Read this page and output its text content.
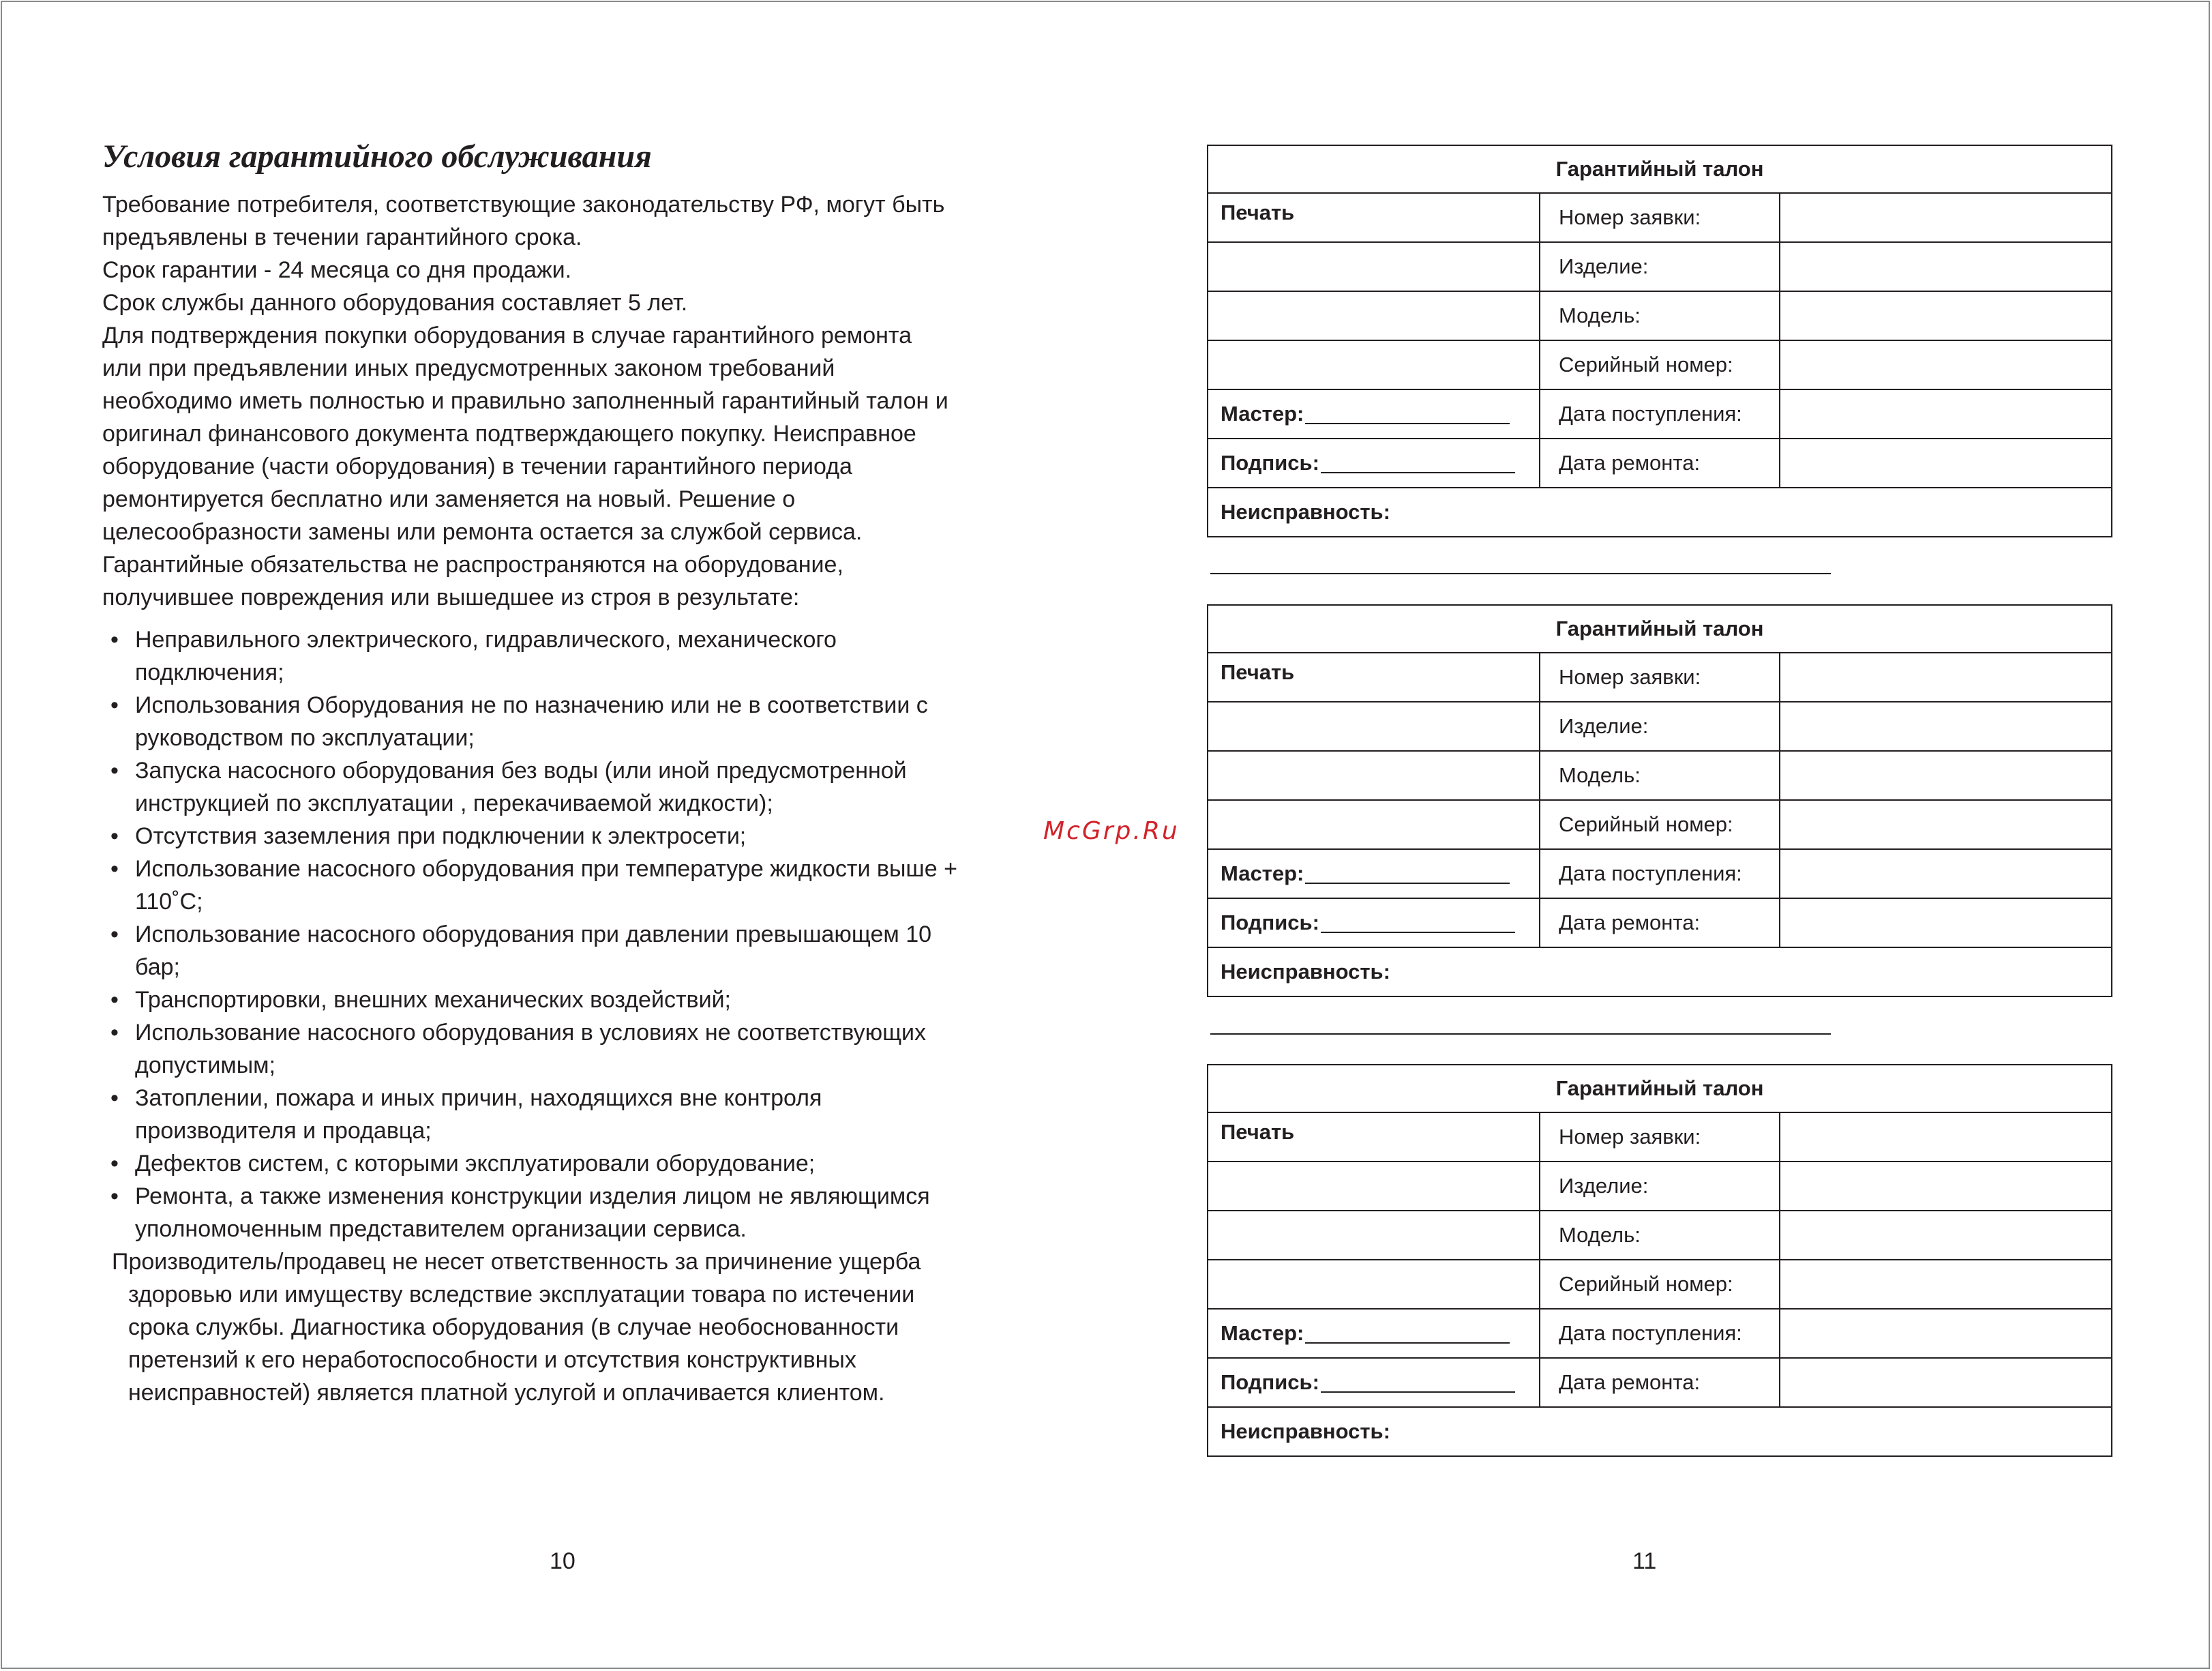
Условия гарантийного обслуживания
Требование потребителя, соответствующие законодательству РФ, могут быть
предъявлены в течении гарантийного срока.
Срок гарантии - 24 месяца со дня продажи.
Срок службы данного оборудования составляет 5 лет.
Для подтверждения покупки оборудования в случае гарантийного ремонта
или при предъявлении иных предусмотренных законом требований
необходимо иметь полностью и правильно заполненный гарантийный талон и
оригинал финансового документа подтверждающего покупку. Неисправное
оборудование (части оборудования) в течении гарантийного периода
ремонтируется бесплатно или заменяется на новый. Решение о
целесообразности замены или ремонта остается за службой сервиса.
Гарантийные обязательства не распространяются на оборудование,
получившее повреждения или вышедшее из строя в результате:
• Неправильного электрического, гидравлического, механического
подключения;
• Использования Оборудования не по назначению или не в соответствии с
руководством по эксплуатации;
• Запуска насосного оборудования без воды (или иной предусмотренной
инструкцией по эксплуатации , перекачиваемой жидкости);
• Отсутствия заземления при подключении к электросети;
• Использование насосного оборудования при температуре жидкости выше +
110˚C;
• Использование насосного оборудования при давлении превышающем 10
бар;
• Транспортировки, внешних механических воздействий;
• Использование насосного оборудования в условиях не соответствующих
допустимым;
• Затоплении, пожара и иных причин, находящихся вне контроля
производителя и продавца;
• Дефектов систем, с которыми эксплуатировали оборудование;
• Ремонта, а также изменения конструкции изделия лицом не являющимся
уполномоченным представителем организации сервиса.
Производитель/продавец не несет ответственность за причинение ущерба
здоровью или имуществу вследствие эксплуатации товара по истечении
срока службы. Диагностика оборудования (в случае необоснованности
претензий к его неработоспособности и отсутствия конструктивных
неисправностей) является платной услугой и оплачивается клиентом.
10	11
McGrp.Ru
Гарантийный талон
Печать	Номер заявки:
Изделие:
Модель:
Серийный номер:
Мастер:	Дата поступления:
Подпись:	Дата ремонта:
Неисправность:
Гарантийный талон
Печать	Номер заявки:
Изделие:
Модель:
Серийный номер:
Мастер:	Дата поступления:
Подпись:	Дата ремонта:
Неисправность:
Гарантийный талон
Печать	Номер заявки:
Изделие:
Модель:
Серийный номер:
Мастер:	Дата поступления:
Подпись:	Дата ремонта:
Неисправность:
